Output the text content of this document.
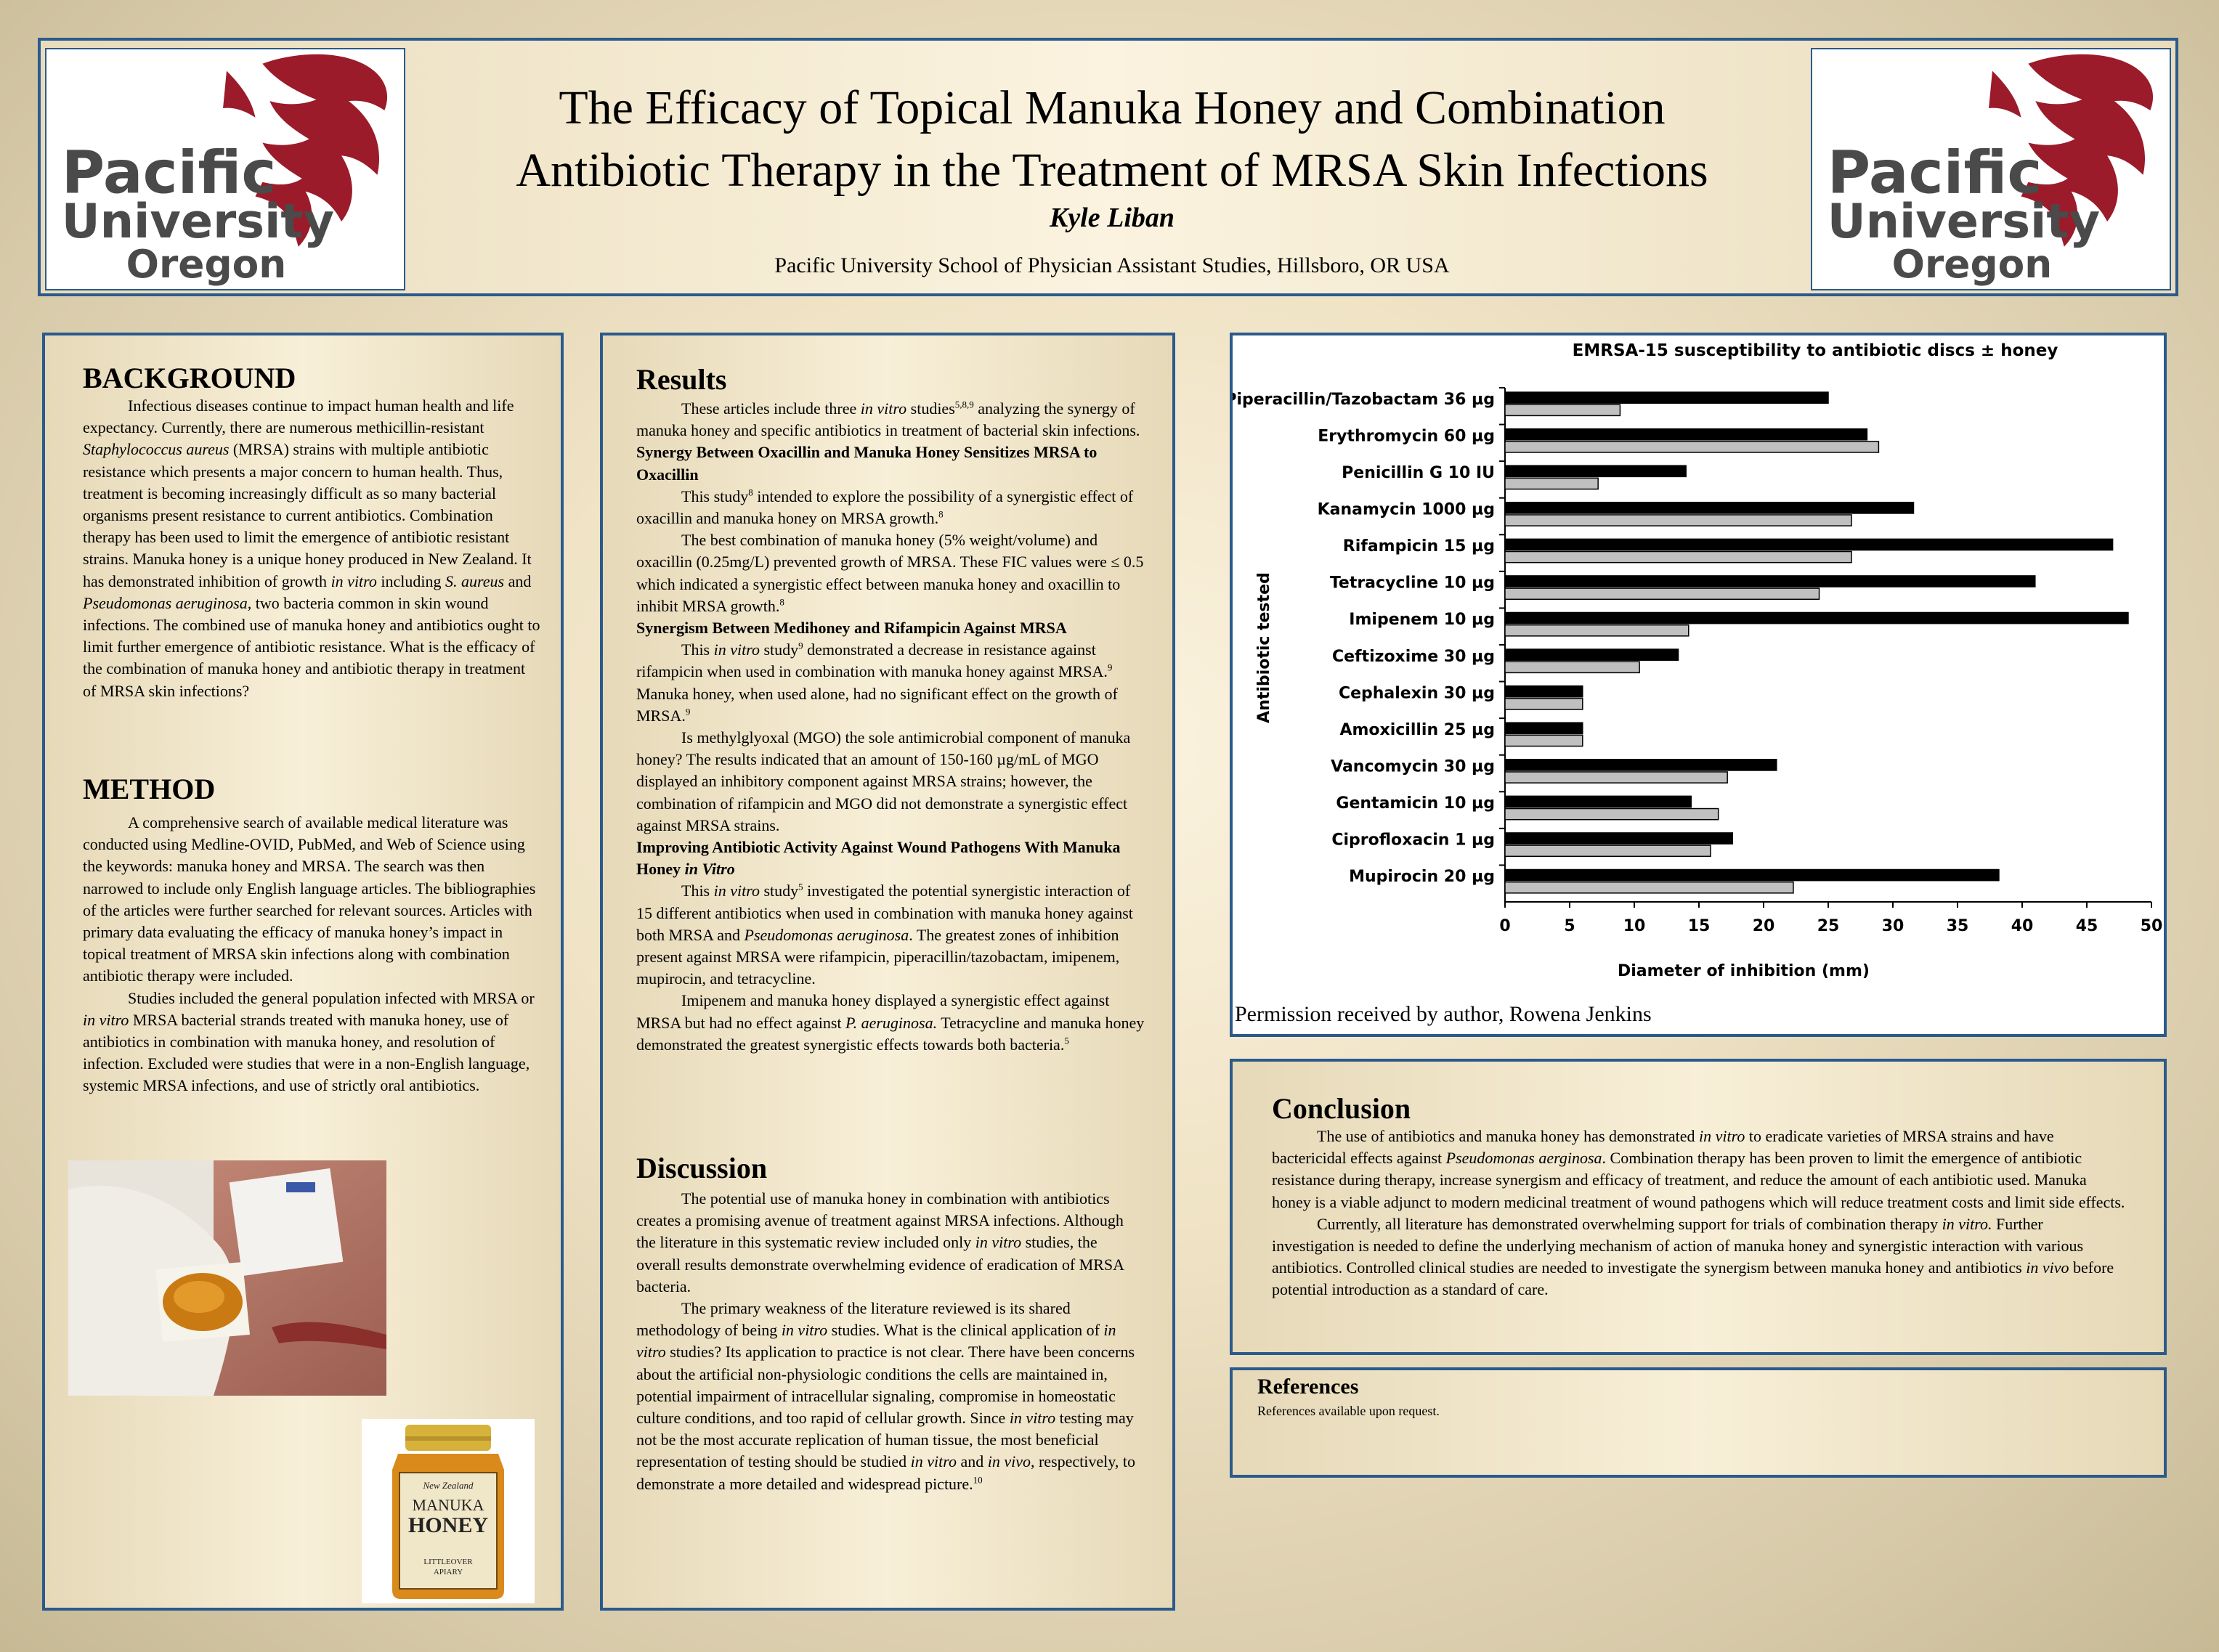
Pacific
University
Oregon
The Efficacy of Topical Manuka Honey and Combination
Antibiotic Therapy in the Treatment of MRSA Skin Infections
Kyle Liban
Pacific University School of Physician Assistant Studies, Hillsboro, OR USA
Pacific
University
Oregon
BACKGROUND

Infectious diseases continue to impact human health and life expectancy. Currently, there are numerous methicillin-resistant Staphylococcus aureus (MRSA) strains with multiple antibiotic resistance which presents a major concern to human health. Thus, treatment is becoming increasingly difficult as so many bacterial organisms present resistance to current antibiotics. Combination therapy has been used to limit the emergence of antibiotic resistant strains. Manuka honey is a unique honey produced in New Zealand. It has demonstrated inhibition of growth in vitro including S. aureus and Pseudomonas aeruginosa, two bacteria common in skin wound infections. The combined use of manuka honey and antibiotics ought to limit further emergence of antibiotic resistance. What is the efficacy of the combination of manuka honey and antibiotic therapy in treatment of MRSA skin infections?

METHOD

A comprehensive search of available medical literature was conducted using Medline-OVID, PubMed, and Web of Science using the keywords: manuka honey and MRSA. The search was then narrowed to include only English language articles. The bibliographies of the articles were further searched for relevant sources. Articles with primary data evaluating the efficacy of manuka honey’s impact in topical treatment of MRSA skin infections along with combination antibiotic therapy were included.

Studies included the general population infected with MRSA or in vitro MRSA bacterial strands treated with manuka honey, use of antibiotics in combination with manuka honey, and resolution of infection. Excluded were studies that were in a non-English language, systemic MRSA infections, and use of strictly oral antibiotics.

New Zealand
MANUKA
HONEY
LITTLEOVER
APIARY
Results

These articles include three in vitro studies$^{5,8,9}$ analyzing the synergy of manuka honey and specific antibiotics in treatment of bacterial skin infections.

Synergy Between Oxacillin and Manuka Honey Sensitizes MRSA to Oxacillin

This study$^8$ intended to explore the possibility of a synergistic effect of oxacillin and manuka honey on MRSA growth.$^8$

The best combination of manuka honey (5% weight/volume) and oxacillin (0.25mg/L) prevented growth of MRSA. These FIC values were ≤ 0.5 which indicated a synergistic effect between manuka honey and oxacillin to inhibit MRSA growth.$^8$

Synergism Between Medihoney and Rifampicin Against MRSA

This in vitro study$^9$ demonstrated a decrease in resistance against rifampicin when used in combination with manuka honey against MRSA.$^9$ Manuka honey, when used alone, had no significant effect on the growth of MRSA.$^9$

Is methylglyoxal (MGO) the sole antimicrobial component of manuka honey? The results indicated that an amount of 150-160 µg/mL of MGO displayed an inhibitory component against MRSA strains; however, the combination of rifampicin and MGO did not demonstrate a synergistic effect against MRSA strains.

Improving Antibiotic Activity Against Wound Pathogens With Manuka Honey in Vitro

This in vitro study$^5$ investigated the potential synergistic interaction of 15 different antibiotics when used in combination with manuka honey against both MRSA and Pseudomonas aeruginosa. The greatest zones of inhibition present against MRSA were rifampicin, piperacillin/tazobactam, imipenem, mupirocin, and tetracycline.

Imipenem and manuka honey displayed a synergistic effect against MRSA but had no effect against P. aeruginosa. Tetracycline and manuka honey demonstrated the greatest synergistic effects towards both bacteria.$^5$

Discussion

The potential use of manuka honey in combination with antibiotics creates a promising avenue of treatment against MRSA infections. Although the literature in this systematic review included only in vitro studies, the overall results demonstrate overwhelming evidence of eradication of MRSA bacteria.

The primary weakness of the literature reviewed is its shared methodology of being in vitro studies. What is the clinical application of in vitro studies? Its application to practice is not clear. There have been concerns about the artificial non-physiologic conditions the cells are maintained in, potential impairment of intracellular signaling, compromise in homeostatic culture conditions, and too rapid of cellular growth. Since in vitro testing may not be the most accurate replication of human tissue, the most beneficial representation of testing should be studied in vitro and in vivo, respectively, to demonstrate a more detailed and widespread picture.$^{10}$

EMRSA-15 susceptibility to antibiotic discs ± honey
0	5	10	15	20	25	30	35	40	45	50
Piperacillin/Tazobactam 36 µg
Erythromycin 60 µg
Penicillin G 10 IU
Kanamycin 1000 µg
Rifampicin 15 µg
Tetracycline 10 µg
Imipenem 10 µg
Ceftizoxime 30 µg
Cephalexin 30 µg
Amoxicillin 25 µg
Vancomycin 30 µg
Gentamicin 10 µg
Ciprofloxacin 1 µg
Mupirocin 20 µg
Diameter of inhibition (mm)
Antibiotic tested
Permission received by author, Rowena Jenkins
Conclusion

The use of antibiotics and manuka honey has demonstrated in vitro to eradicate varieties of MRSA strains and have bactericidal effects against Pseudomonas aerginosa. Combination therapy has been proven to limit the emergence of antibiotic resistance during therapy, increase synergism and efficacy of treatment, and reduce the amount of each antibiotic used. Manuka honey is a viable adjunct to modern medicinal treatment of wound pathogens which will reduce treatment costs and limit side effects.

Currently, all literature has demonstrated overwhelming support for trials of combination therapy in vitro. Further investigation is needed to define the underlying mechanism of action of manuka honey and synergistic interaction with various antibiotics. Controlled clinical studies are needed to investigate the synergism between manuka honey and antibiotics in vivo before potential introduction as a standard of care.

References
References available upon request.
